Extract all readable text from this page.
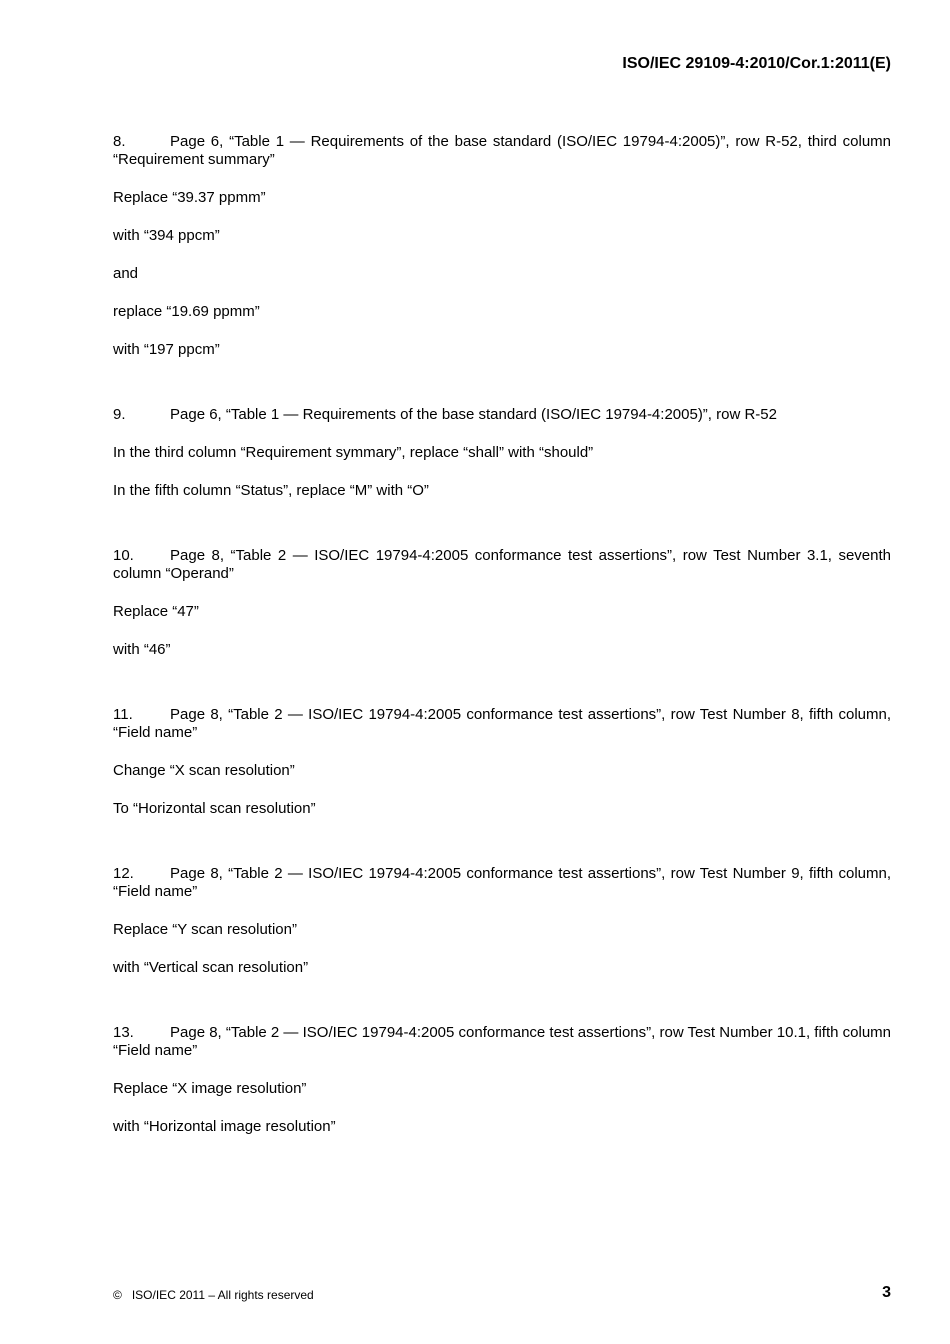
ISO/IEC 29109-4:2010/Cor.1:2011(E)

8.	Page 6, “Table 1 — Requirements of the base standard (ISO/IEC 19794-4:2005)”, row R-52, third column “Requirement summary”

Replace “39.37 ppmm”

with “394 ppcm”

and

replace “19.69 ppmm”

with “197 ppcm”

9.	Page 6, “Table 1 — Requirements of the base standard (ISO/IEC 19794-4:2005)”, row R-52

In the third column “Requirement symmary”, replace “shall” with “should”

In the fifth column “Status”, replace “M” with “O”

10. Page 8, “Table 2 — ISO/IEC 19794-4:2005 conformance test assertions”, row Test Number 3.1, seventh column “Operand”

Replace “47”

with “46”

11. Page 8, “Table 2 — ISO/IEC 19794-4:2005 conformance test assertions”, row Test Number 8, fifth column, “Field name”

Change “X scan resolution”

To “Horizontal scan resolution”

12. Page 8, “Table 2 — ISO/IEC 19794-4:2005 conformance test assertions”, row Test Number 9, fifth column, “Field name”

Replace “Y scan resolution”

with “Vertical scan resolution”

13. Page 8, “Table 2 — ISO/IEC 19794-4:2005 conformance test assertions”, row Test Number 10.1, fifth column “Field name”

Replace “X image resolution”

with “Horizontal image resolution”

© ISO/IEC 2011 – All rights reserved	3
